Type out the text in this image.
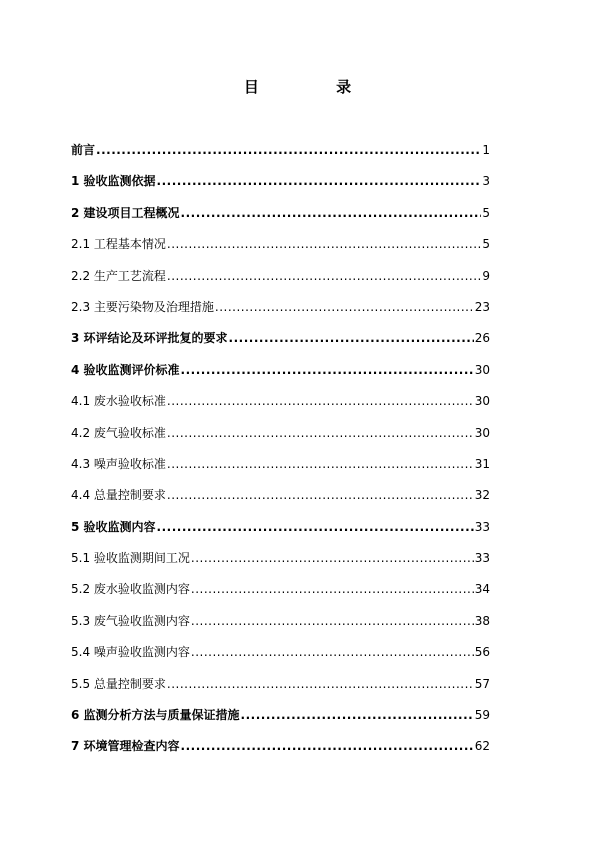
目 录
前言 .....	1
1 验收监测依据 .....	3
2 建设项目工程概况 .....	5
2.1 工程基本情况 .....	5
2.2 生产工艺流程 .....	9
2.3 主要污染物及治理措施 .....	23
3 环评结论及环评批复的要求 .....	26
4 验收监测评价标准 .....	30
4.1 废水验收标准 .....	30
4.2 废气验收标准 .....	30
4.3 噪声验收标准 .....	31
4.4 总量控制要求 .....	32
5 验收监测内容 .....	33
5.1 验收监测期间工况 .....	33
5.2 废水验收监测内容 .....	34
5.3 废气验收监测内容 .....	38
5.4 噪声验收监测内容 .....	56
5.5 总量控制要求 .....	57
6 监测分析方法与质量保证措施 .....	59
7 环境管理检查内容 .....	62
